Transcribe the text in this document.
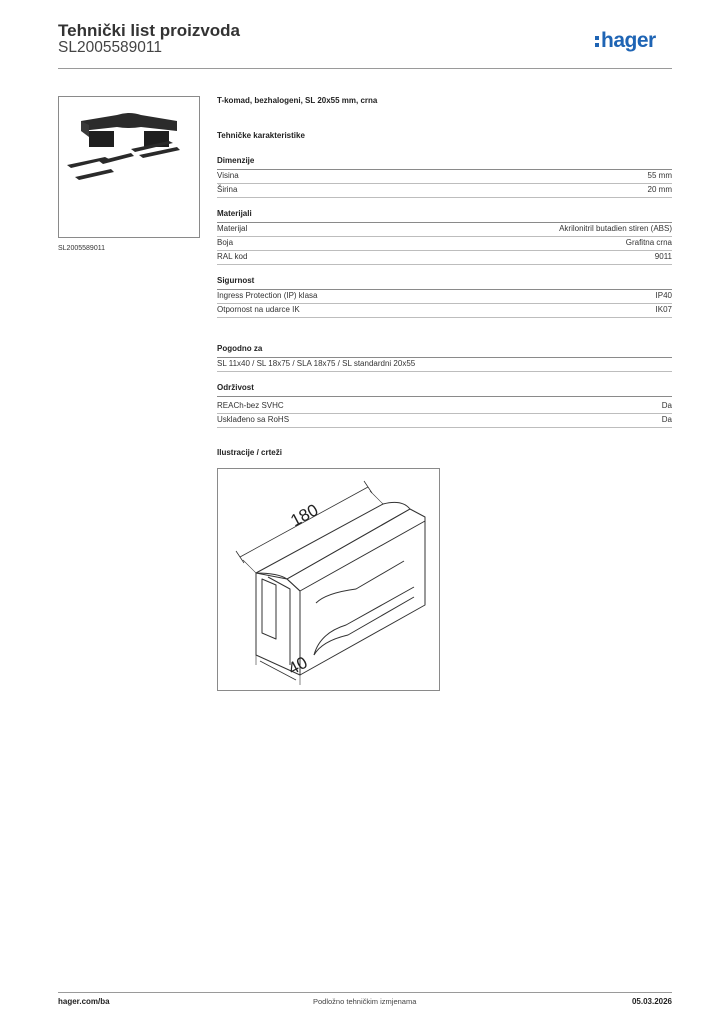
Tehnički list proizvoda
SL2005589011	hager
SL2005589011
T-komad, bezhalogeni, SL 20x55 mm, crna
Tehničke karakteristike
Dimenzije
Visina	55 mm
Širina	20 mm
Materijali
Materijal	Akrilonitril butadien stiren (ABS)
Boja	Grafitna crna
RAL kod	9011
Sigurnost
Ingress Protection (IP) klasa	IP40
Otpornost na udarce IK	IK07
Pogodno za
SL 11x40 / SL 18x75 / SLA 18x75 / SL standardni 20x55
Održivost
REACh-bez SVHC	Da
Usklađeno sa RoHS	Da
Ilustracije / crteži
180
40
hager.com/ba	Podložno tehničkim izmjenama	05.03.2026
